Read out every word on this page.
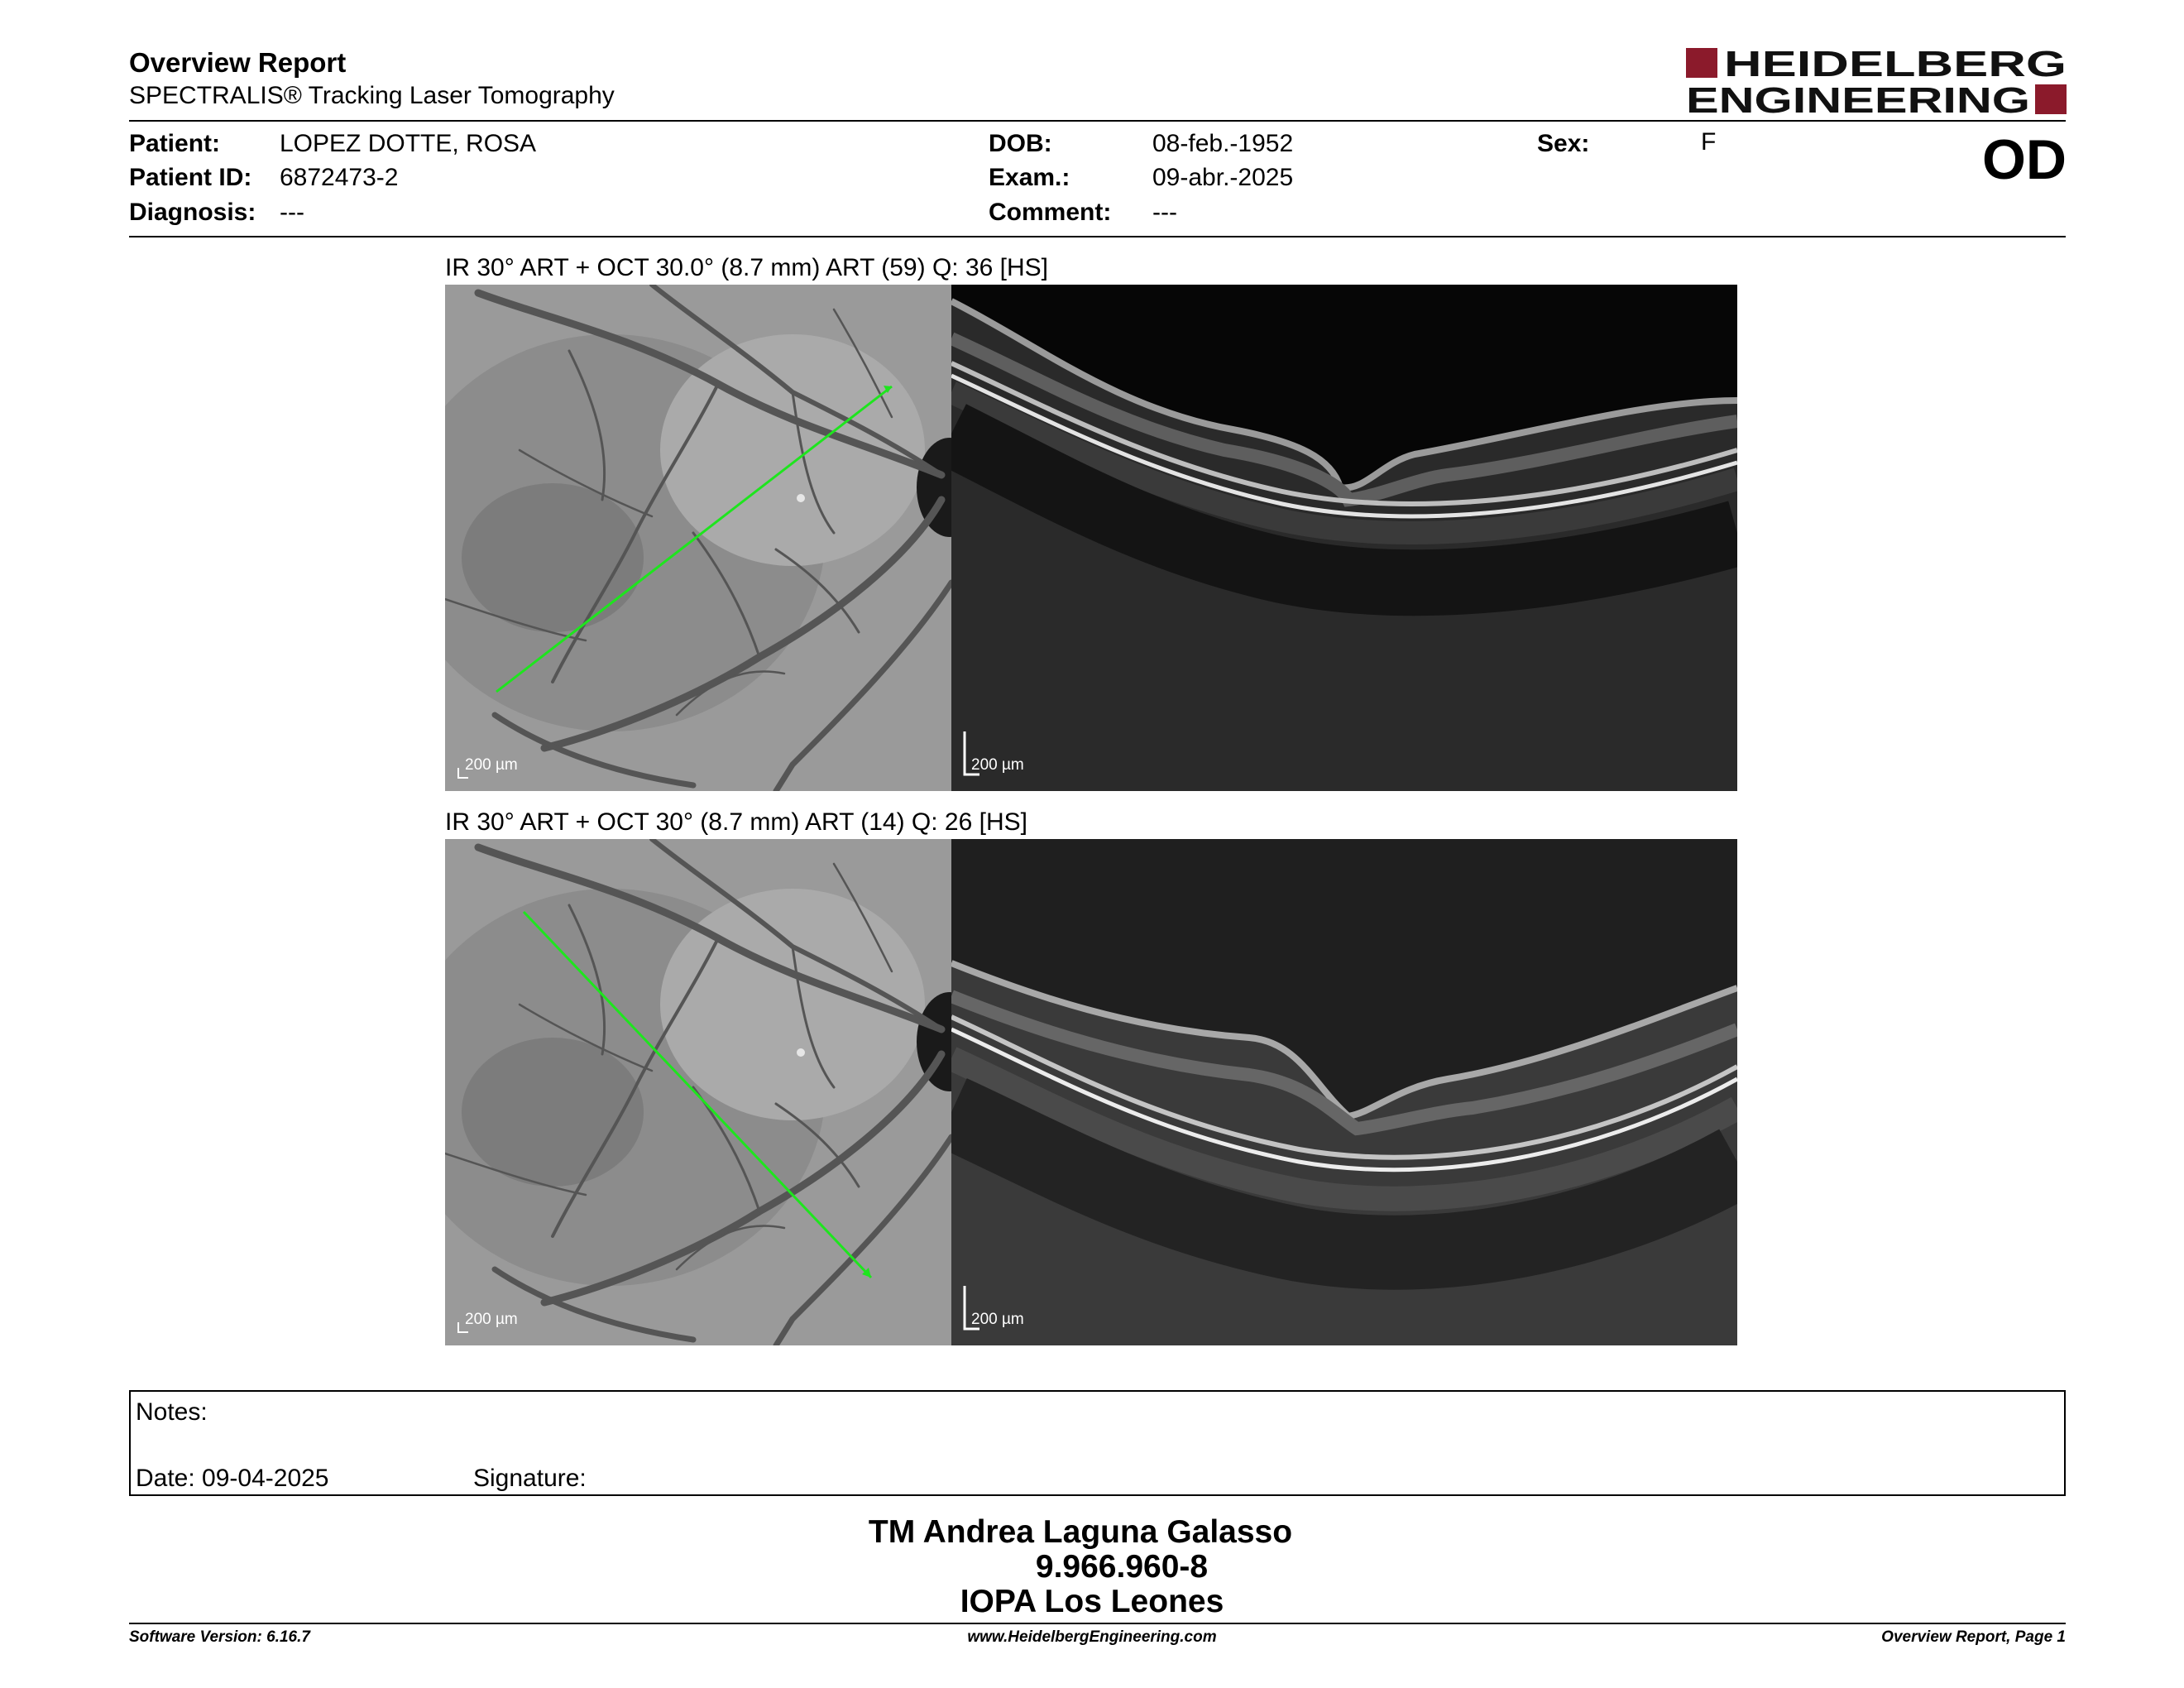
Overview Report
SPECTRALIS® Tracking Laser Tomography
HEIDELBERG
ENGINEERING
OD
Patient: LOPEZ DOTTE, ROSA
Patient ID: 6872473-2
Diagnosis: ---
DOB:	08-feb.-1952
Exam.:	09-abr.-2025
Comment: ---
Sex:	F
IR 30° ART + OCT 30.0° (8.7 mm) ART (59) Q: 36 [HS]
200 µm	200 µm
IR 30° ART + OCT 30° (8.7 mm) ART (14) Q: 26 [HS]
200 µm	200 µm
Notes:
Date: 09-04-2025	Signature:
TM Andrea Laguna Galasso
9.966.960-8
IOPA Los Leones
Software Version: 6.16.7	www.HeidelbergEngineering.com	Overview Report, Page 1
